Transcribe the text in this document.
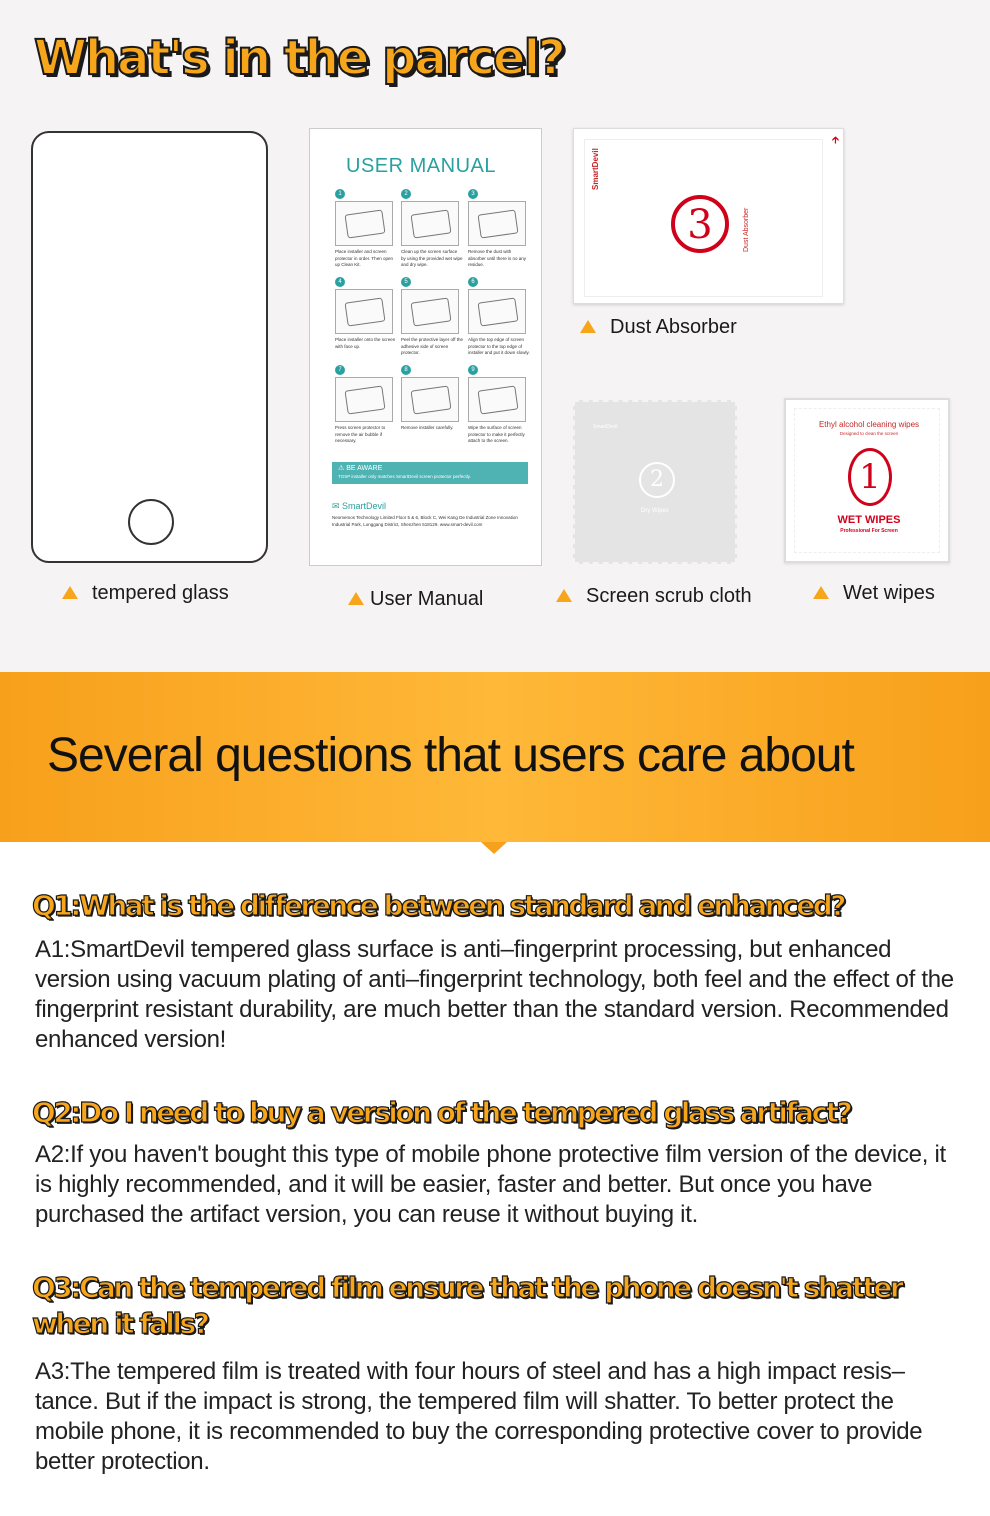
What's in the parcel?
USER MANUAL
1
Place installer and screen protector in order. Then open up Clean Kit.
2
Clean up the screen surface by using the provided wet wipe and dry wipe.
3
Remove the dust with absorber until there is no any residue.
4
Place installer onto the screen with face up.
5
Peel the protective layer off the adhesive side of screen protector.
6
Align the top edge of screen protector to the top edge of installer and put it down slowly.
7
Press screen protector to remove the air bubble if necessary.
8
Remove installer carefully.
9
Wipe the surface of screen protector to make it perfectly attach to the screen.
⚠ BE AWARE
TGSP installer only matches SmartDevil screen protector perfectly.
✉ SmartDevil
Neomemos Technology Limited Floor 5 & 6, Block C, Wei Kang De Industrial Zone Innovation Industrial Park, Longgang District, Shenzhen 518129. www.smart-devil.com
SmartDevil
3	Dust Absorber
🡱
SmartDevil
2
Dry Wipes
Ethyl alcohol cleaning wipes
Designed to clean the screen
1
WET WIPES
Professional For Screen
tempered glass	User Manual
Dust Absorber
Screen scrub cloth	Wet wipes
Several questions that users care about
Q1:What is the difference between standard and enhanced?
A1:SmartDevil tempered glass surface is anti–fingerprint processing, but enhanced version using vacuum plating of anti–fingerprint technology, both feel and the effect of the fingerprint resistant durability, are much better than the standard version. Recommended enhanced version!
Q2:Do I need to buy a version of the tempered glass artifact?
A2:If you haven't bought this type of mobile phone protective film version of the device, it is highly recommended, and it will be easier, faster and better. But once you have purchased the artifact version, you can reuse it without buying it.
Q3:Can the tempered film ensure that the phone doesn't shatter when it falls?
A3:The tempered film is treated with four hours of steel and has a high impact resis–tance. But if the impact is strong, the tempered film will shatter. To better protect the mobile phone, it is recommended to buy the corresponding protective cover to provide better protection.
